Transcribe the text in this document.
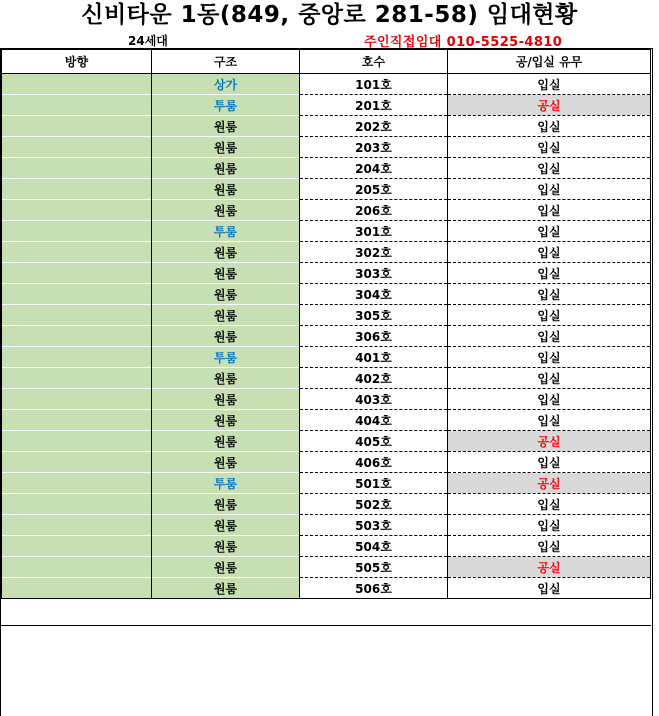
신비타운 1동(849, 중앙로 281-58) 임대현황
24세대	주인직접임대 010-5525-4810
방향	구조	호수	공/입실 유무
	상가	101호	입실
	투룸	201호	공실
	원룸	202호	입실
	원룸	203호	입실
	원룸	204호	입실
	원룸	205호	입실
	원룸	206호	입실
	투룸	301호	입실
	원룸	302호	입실
	원룸	303호	입실
	원룸	304호	입실
	원룸	305호	입실
	원룸	306호	입실
	투룸	401호	입실
	원룸	402호	입실
	원룸	403호	입실
	원룸	404호	입실
	원룸	405호	공실
	원룸	406호	입실
	투룸	501호	공실
	원룸	502호	입실
	원룸	503호	입실
	원룸	504호	입실
	원룸	505호	공실
	원룸	506호	입실
